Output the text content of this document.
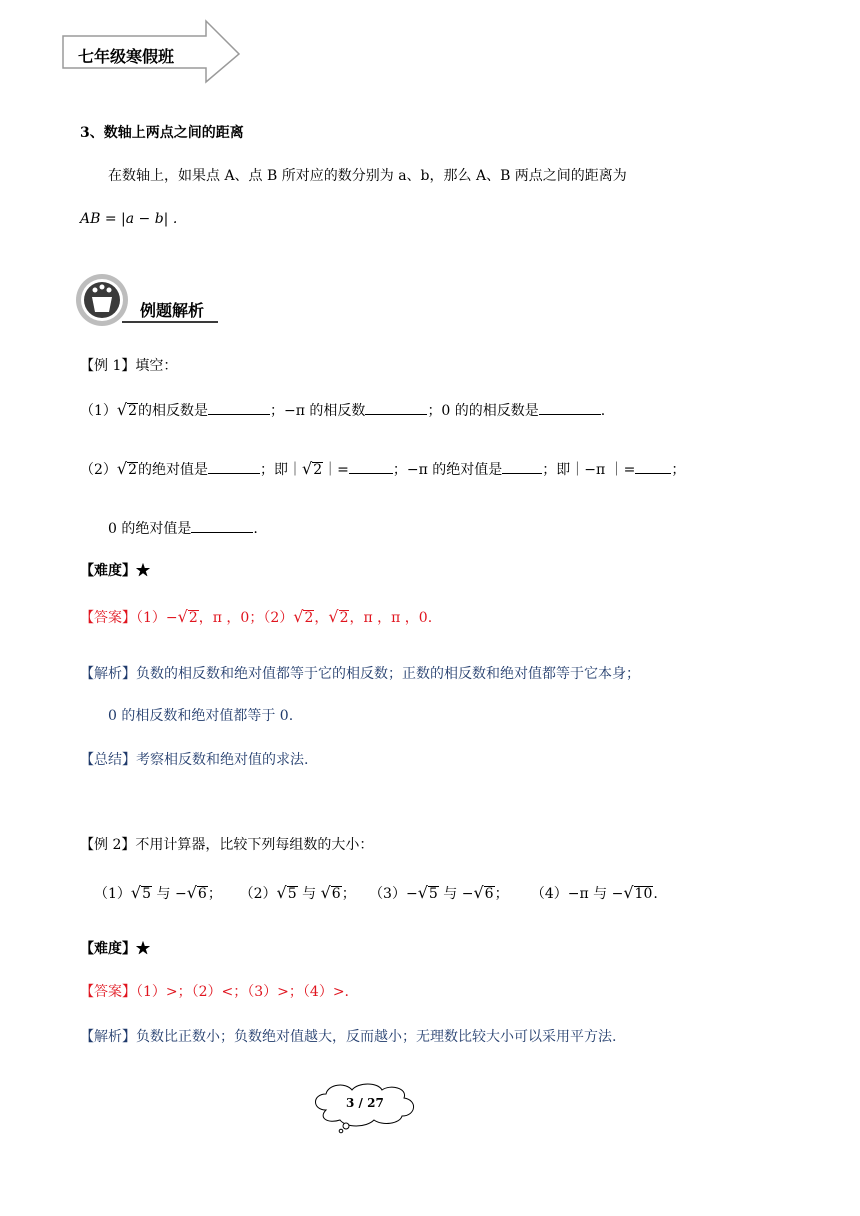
七年级寒假班
3、数轴上两点之间的距离
在数轴上，如果点 A、点 B 所对应的数分别为 a、b，那么 A、B 两点之间的距离为
AB = |a − b| .
例题解析
【例 1】填空：
（1）√2的相反数是	；−π 的相反数	；0 的的相反数是	.
（2）√2的绝对值是	；即｜√2｜=	；−π 的绝对值是	；即｜−π ｜=	；
0 的绝对值是	.
【难度】★
【答案】（1）−√2，π ，0；（2）√2，√2，π ，π ，0.
【解析】负数的相反数和绝对值都等于它的相反数；正数的相反数和绝对值都等于它本身；
0 的相反数和绝对值都等于 0.
【总结】考察相反数和绝对值的求法.
【例 2】不用计算器，比较下列每组数的大小：
（1）√5 与 −√6； （2）√5 与 √6； （3）−√5 与 −√6； （4）−π 与 −√10.
【难度】★
【答案】（1）>；（2）<；（3）>；（4）>.
【解析】负数比正数小；负数绝对值越大，反而越小；无理数比较大小可以采用平方法.
3 / 27
